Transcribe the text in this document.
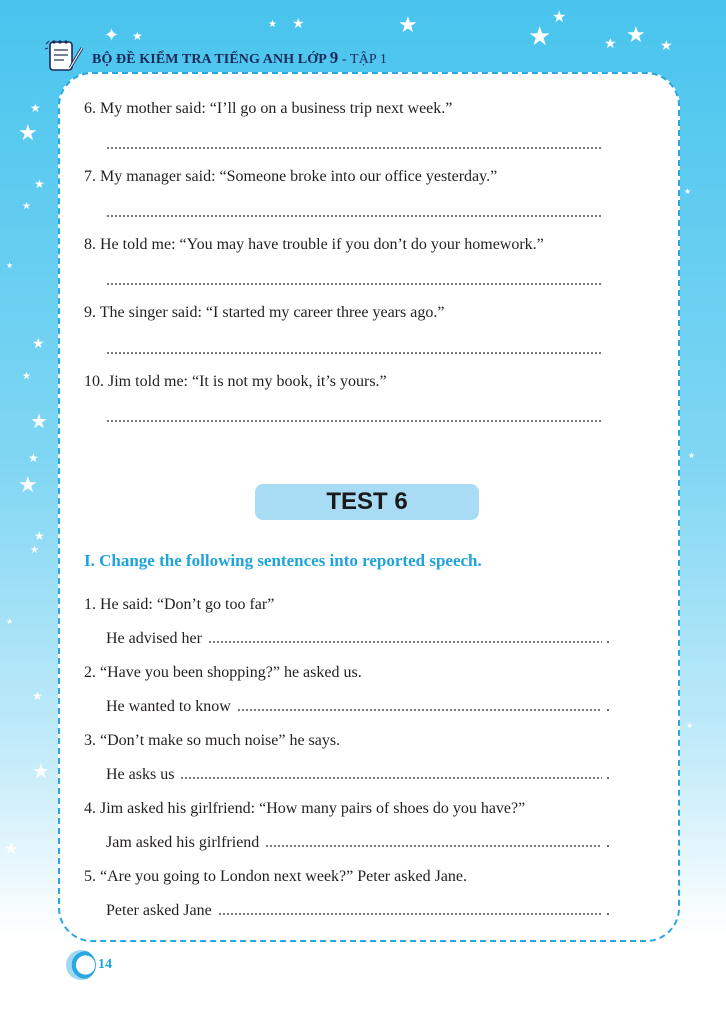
✦ ★
★ ★	★	★
★
★ ★ ★
★
★
★
★
★
★
★
★
★
★
★
★
★
★
★
★
★
★
★
BỘ ĐỀ KIỂM TRA TIẾNG ANH LỚP 9 - TẬP 1
6. My mother said: “I’ll go on a business trip next week.”
7. My manager said: “Someone broke into our office yesterday.”
8. He told me: “You may have trouble if you don’t do your homework.”
9. The singer said: “I started my career three years ago.”
10. Jim told me: “It is not my book, it’s yours.”
TEST 6
I. Change the following sentences into reported speech.
1. He said: “Don’t go too far”
He advised her	.
2. “Have you been shopping?” he asked us.
He wanted to know	.
3. “Don’t make so much noise” he says.
He asks us	.
4. Jim asked his girlfriend: “How many pairs of shoes do you have?”
Jam asked his girlfriend	.
5. “Are you going to London next week?” Peter asked Jane.
Peter asked Jane	.
14
